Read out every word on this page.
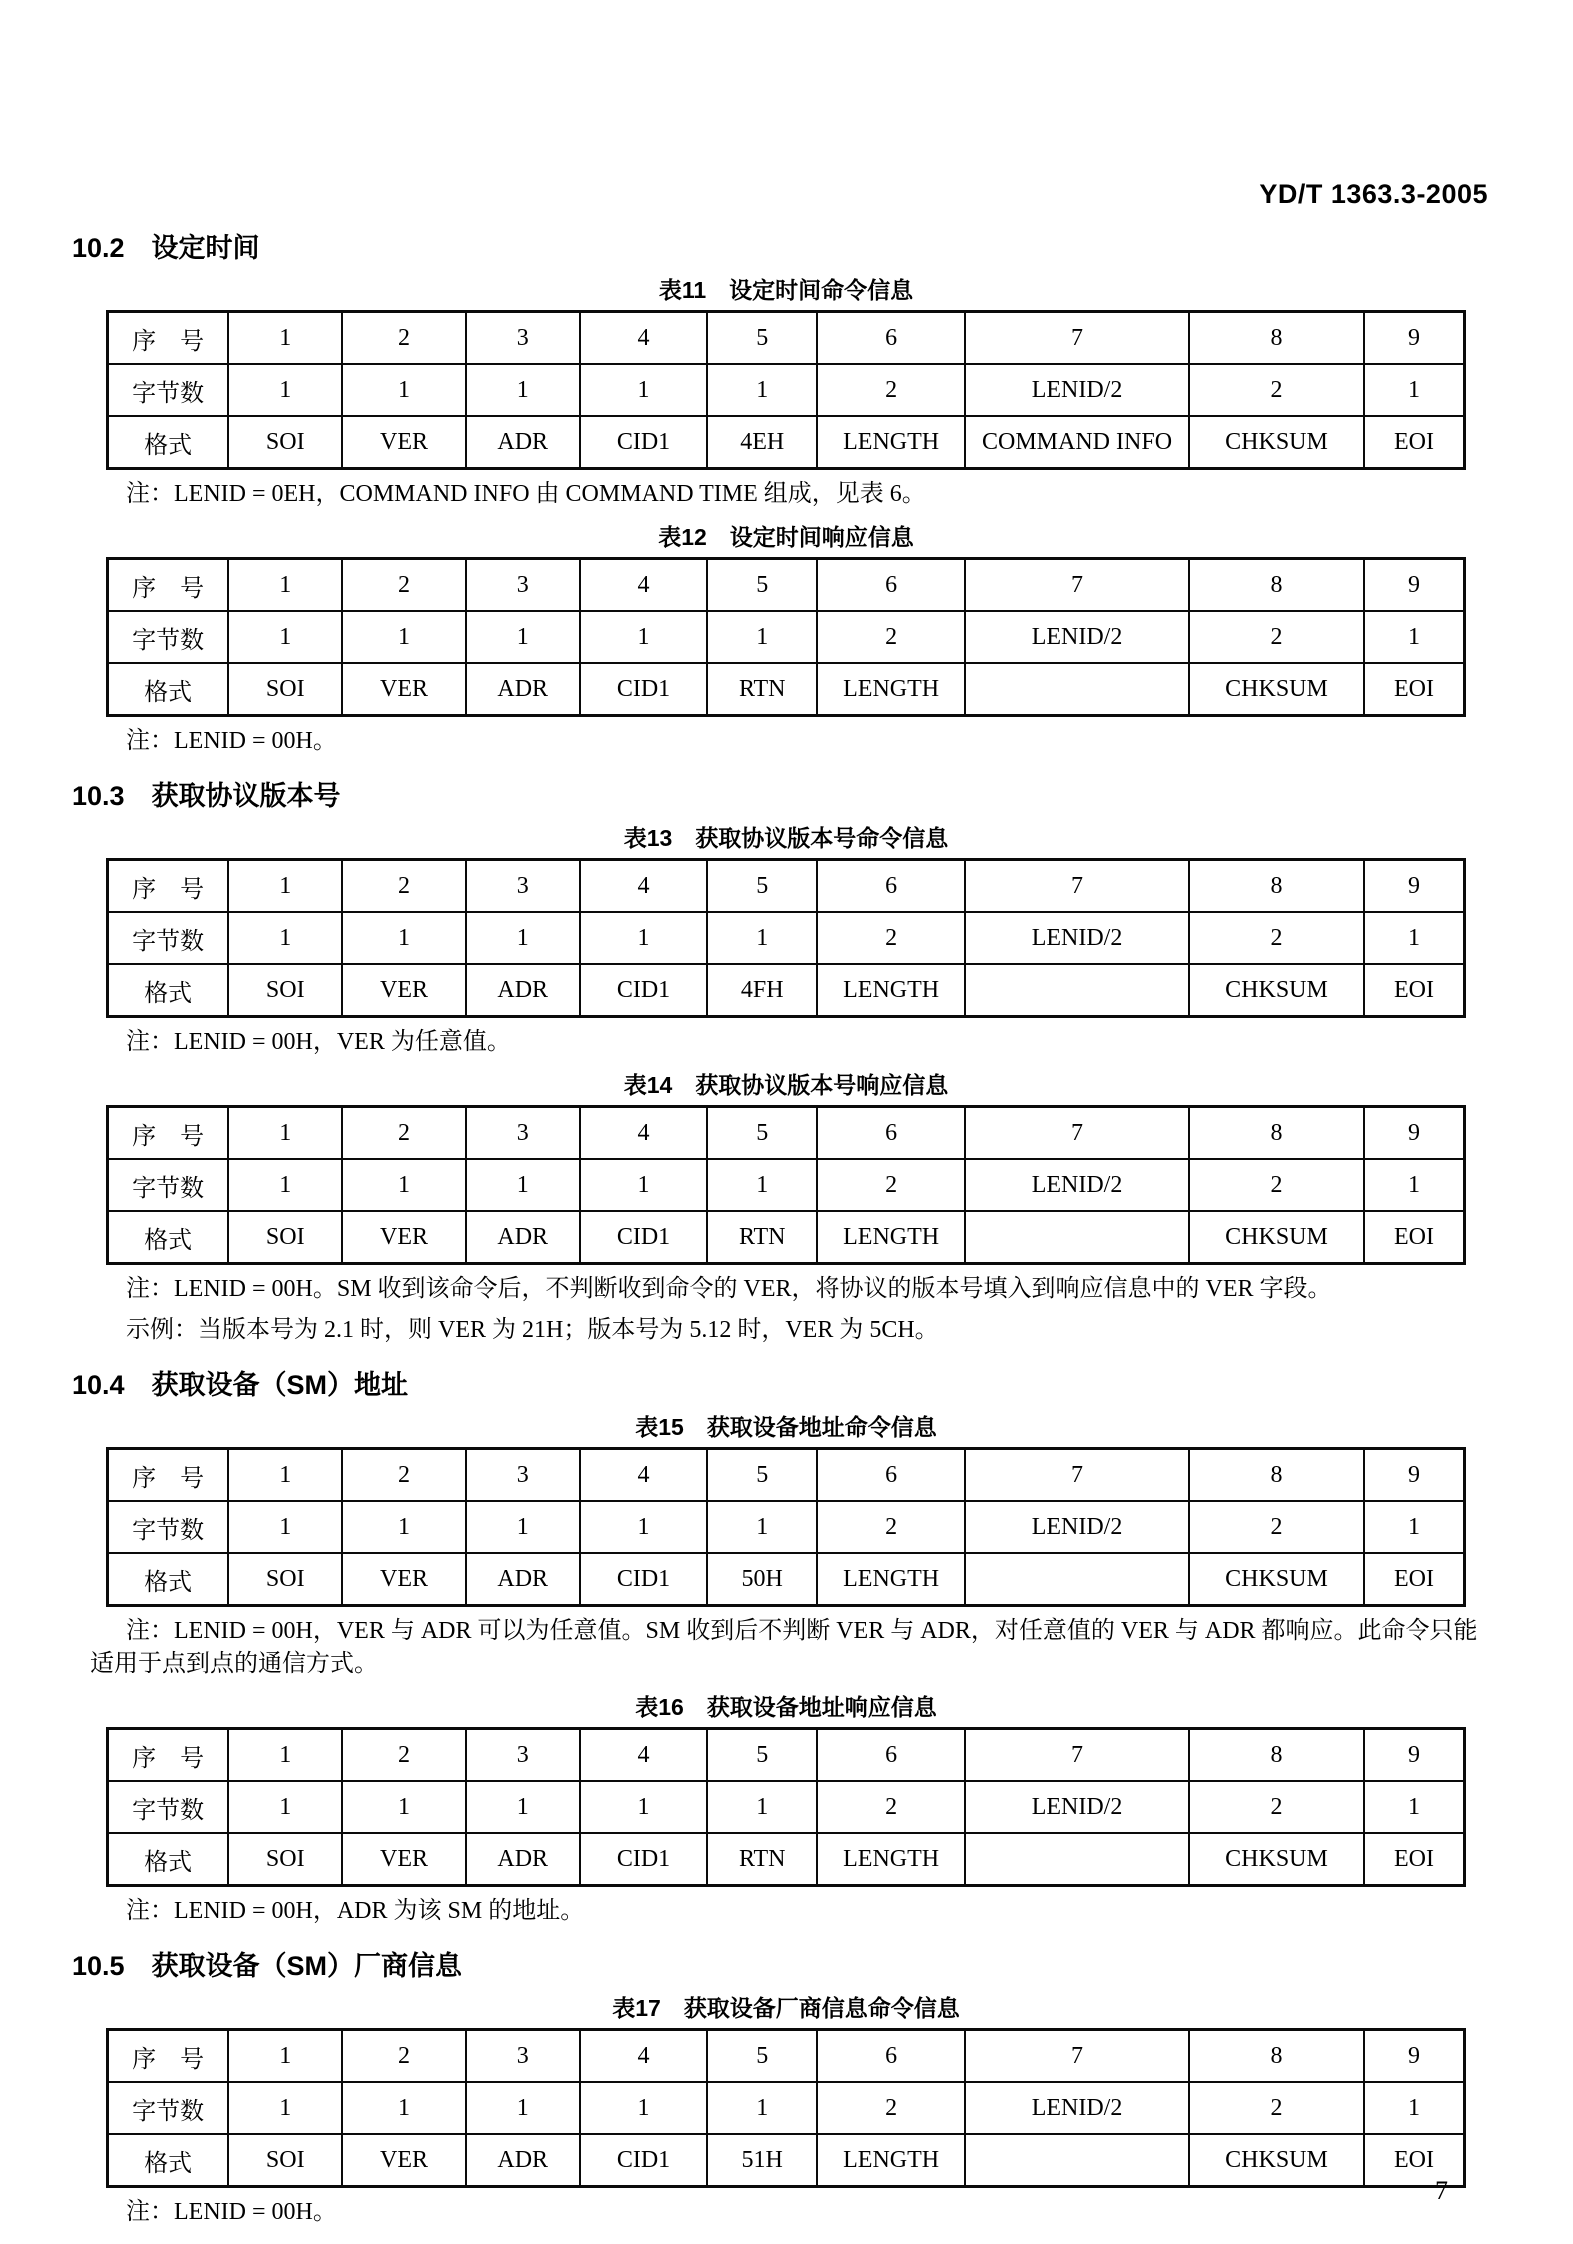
YD/T 1363.3-2005
10.2　设定时间
表11　设定时间命令信息
序　号	1	2	3	4	5	6	7	8	9
字节数	1	1	1	1	1	2	LENID/2	2	1
格式	SOI	VER	ADR	CID1	4EH	LENGTH	COMMAND INFO	CHKSUM	EOI

注：LENID = 0EH，COMMAND INFO 由 COMMAND TIME 组成，见表 6。

表12　设定时间响应信息
序　号	1	2	3	4	5	6	7	8	9
字节数	1	1	1	1	1	2	LENID/2	2	1
格式	SOI	VER	ADR	CID1	RTN	LENGTH		CHKSUM	EOI

注：LENID = 00H。

10.3　获取协议版本号
表13　获取协议版本号命令信息
序　号	1	2	3	4	5	6	7	8	9
字节数	1	1	1	1	1	2	LENID/2	2	1
格式	SOI	VER	ADR	CID1	4FH	LENGTH		CHKSUM	EOI

注：LENID = 00H，VER 为任意值。

表14　获取协议版本号响应信息
序　号	1	2	3	4	5	6	7	8	9
字节数	1	1	1	1	1	2	LENID/2	2	1
格式	SOI	VER	ADR	CID1	RTN	LENGTH		CHKSUM	EOI

注：LENID = 00H。SM 收到该命令后，不判断收到命令的 VER，将协议的版本号填入到响应信息中的 VER 字段。

示例：当版本号为 2.1 时，则 VER 为 21H；版本号为 5.12 时，VER 为 5CH。

10.4　获取设备（SM）地址
表15　获取设备地址命令信息
序　号	1	2	3	4	5	6	7	8	9
字节数	1	1	1	1	1	2	LENID/2	2	1
格式	SOI	VER	ADR	CID1	50H	LENGTH		CHKSUM	EOI

注：LENID = 00H，VER 与 ADR 可以为任意值。SM 收到后不判断 VER 与 ADR，对任意值的 VER 与 ADR 都响应。此命令只能适用于点到点的通信方式。

表16　获取设备地址响应信息
序　号	1	2	3	4	5	6	7	8	9
字节数	1	1	1	1	1	2	LENID/2	2	1
格式	SOI	VER	ADR	CID1	RTN	LENGTH		CHKSUM	EOI

注：LENID = 00H，ADR 为该 SM 的地址。

10.5　获取设备（SM）厂商信息
表17　获取设备厂商信息命令信息
序　号	1	2	3	4	5	6	7	8	9
字节数	1	1	1	1	1	2	LENID/2	2	1
格式	SOI	VER	ADR	CID1	51H	LENGTH		CHKSUM	EOI

注：LENID = 00H。

7
